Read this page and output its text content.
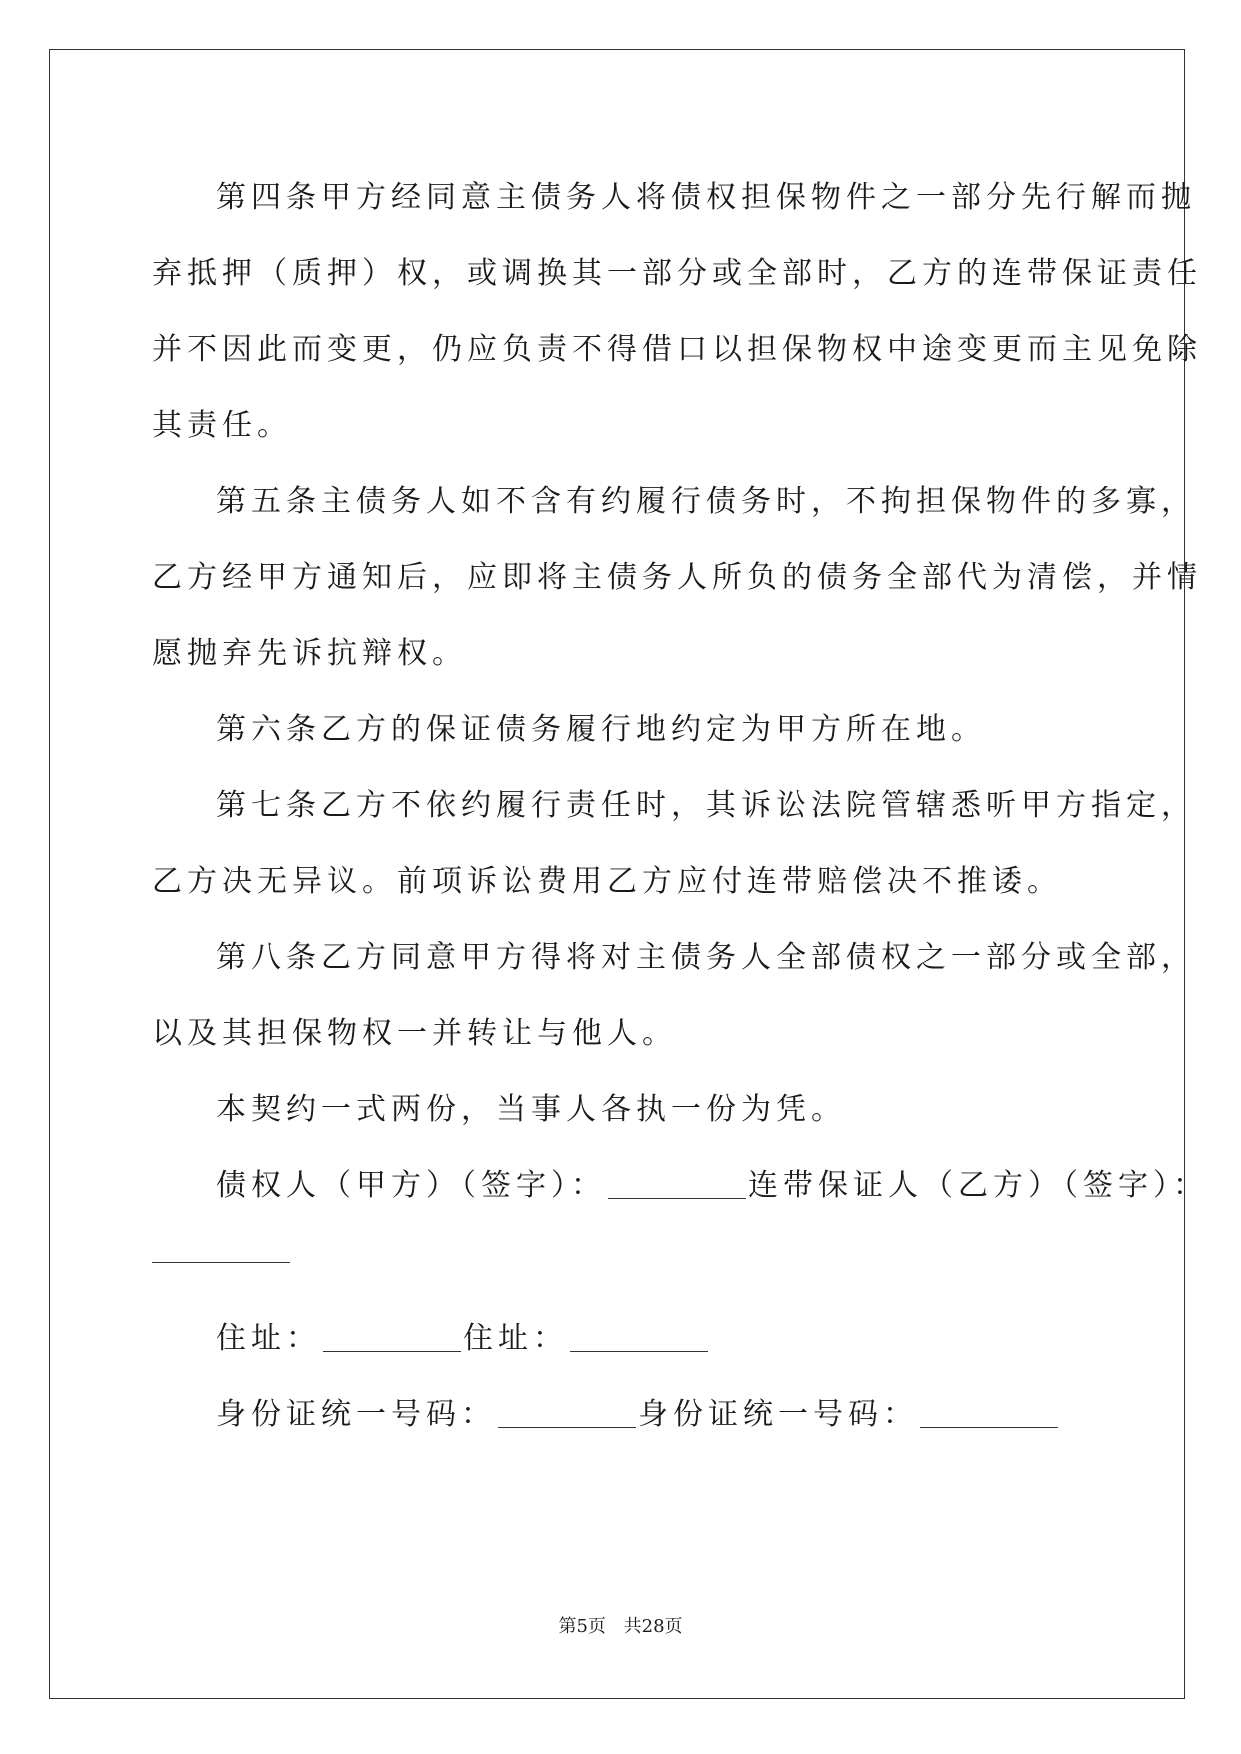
第四条甲方经同意主债务人将债权担保物件之一部分先行解而抛
弃抵押（质押）权，或调换其一部分或全部时，乙方的连带保证责任
并不因此而变更，仍应负责不得借口以担保物权中途变更而主见免除
其责任。

第五条主债务人如不含有约履行债务时，不拘担保物件的多寡，
乙方经甲方通知后，应即将主债务人所负的债务全部代为清偿，并情
愿抛弃先诉抗辩权。

第六条乙方的保证债务履行地约定为甲方所在地。

第七条乙方不依约履行责任时，其诉讼法院管辖悉听甲方指定，
乙方决无异议。前项诉讼费用乙方应付连带赔偿决不推诿。

第八条乙方同意甲方得将对主债务人全部债权之一部分或全部，
以及其担保物权一并转让与他人。

本契约一式两份，当事人各执一份为凭。

债权人（甲方）（签字）：	连带保证人（乙方）（签字）：
住址：	住址：
身份证统一号码：	身份证统一号码：
第5页 共28页
